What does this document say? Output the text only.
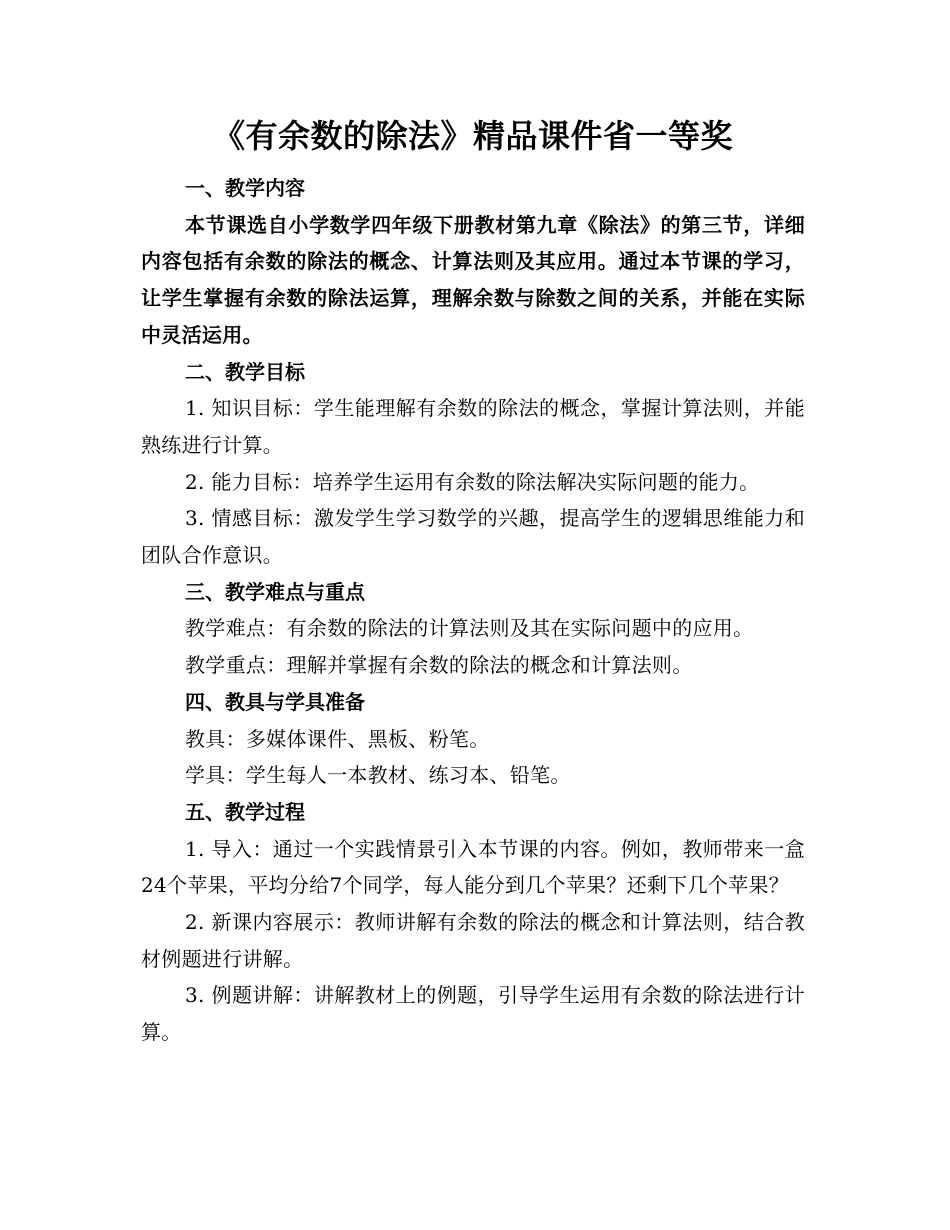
《有余数的除法》精品课件省一等奖

一、教学内容

本节课选自小学数学四年级下册教材第九章《除法》的第三节，详细内容包括有余数的除法的概念、计算法则及其应用。通过本节课的学习，让学生掌握有余数的除法运算，理解余数与除数之间的关系，并能在实际中灵活运用。

二、教学目标

1. 知识目标：学生能理解有余数的除法的概念，掌握计算法则，并能熟练进行计算。

2. 能力目标：培养学生运用有余数的除法解决实际问题的能力。

3. 情感目标：激发学生学习数学的兴趣，提高学生的逻辑思维能力和团队合作意识。

三、教学难点与重点

教学难点：有余数的除法的计算法则及其在实际问题中的应用。

教学重点：理解并掌握有余数的除法的概念和计算法则。

四、教具与学具准备

教具：多媒体课件、黑板、粉笔。

学具：学生每人一本教材、练习本、铅笔。

五、教学过程

1. 导入：通过一个实践情景引入本节课的内容。例如，教师带来一盒24个苹果，平均分给7个同学，每人能分到几个苹果？还剩下几个苹果？

2. 新课内容展示：教师讲解有余数的除法的概念和计算法则，结合教材例题进行讲解。

3. 例题讲解：讲解教材上的例题，引导学生运用有余数的除法进行计算。
